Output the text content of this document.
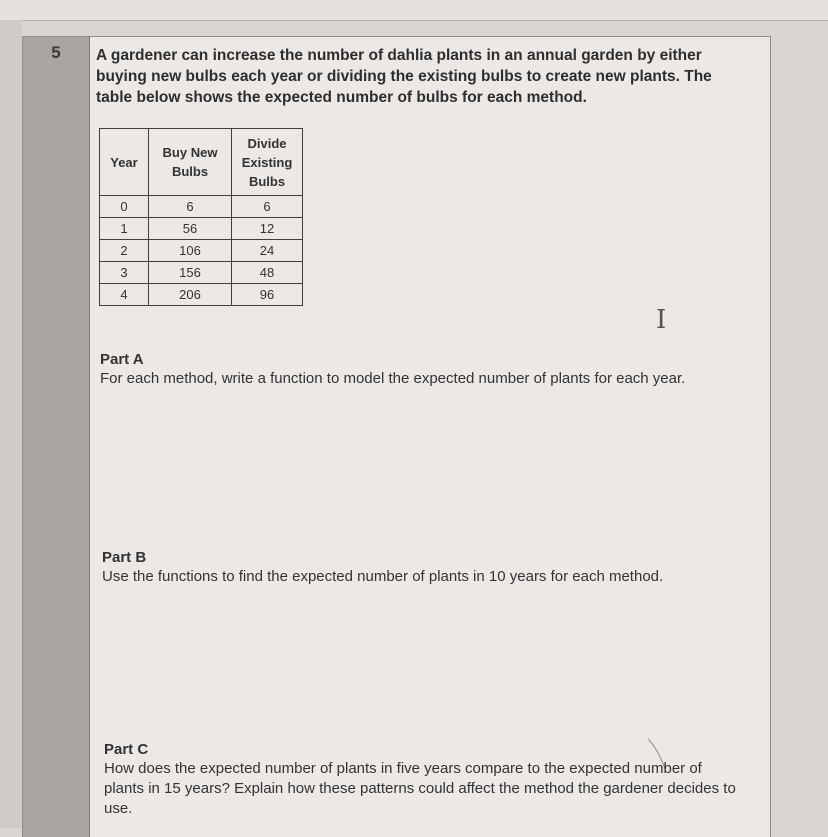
5	A gardener can increase the number of dahlia plants in an annual garden by either buying new bulbs each year or dividing the existing bulbs to create new plants. The table below shows the expected number of bulbs for each method.

Year	Buy New Bulbs	Divide Existing Bulbs
0	6	6
1	56	12
2	106	24
3	156	48
4	206	96
I
Part A

For each method, write a function to model the expected number of plants for each year.

Part B

Use the functions to find the expected number of plants in 10 years for each method.

Part C

How does the expected number of plants in five years compare to the expected number of plants in 15 years? Explain how these patterns could affect the method the gardener decides to use.
